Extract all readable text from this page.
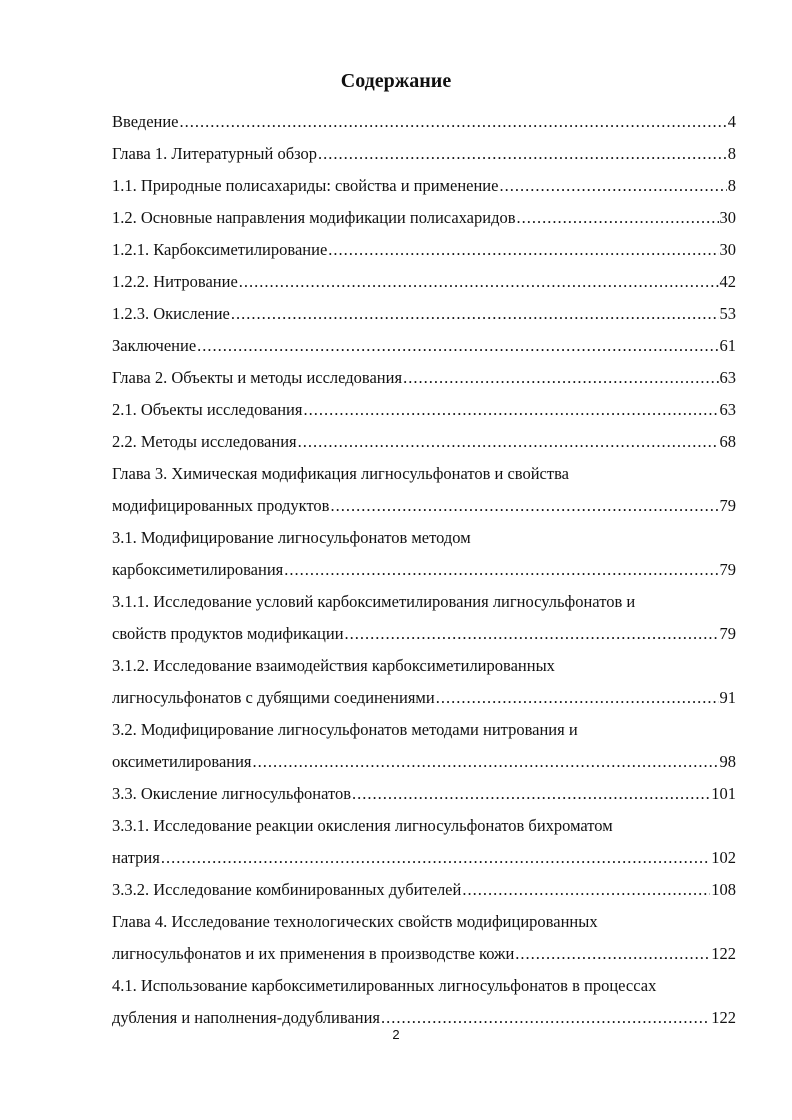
Содержание
Введение .....	4
Глава 1. Литературный обзор .....	8
1.1. Природные полисахариды: свойства и применение .....	8
1.2. Основные направления модификации полисахаридов .....	30
1.2.1. Карбоксиметилирование .....	30
1.2.2. Нитрование .....	42
1.2.3. Окисление .....	53
Заключение .....	61
Глава 2. Объекты и методы исследования .....	63
2.1. Объекты исследования .....	63
2.2. Методы исследования .....	68
Глава 3. Химическая модификация лигносульфонатов и свойства
модифицированных продуктов .....	79
3.1. Модифицирование лигносульфонатов методом
карбоксиметилирования .....	79
3.1.1. Исследование условий карбоксиметилирования лигносульфонатов и
свойств продуктов модификации .....	79
3.1.2. Исследование взаимодействия карбоксиметилированных
лигносульфонатов с дубящими соединениями .....	91
3.2. Модифицирование лигносульфонатов методами нитрования и
оксиметилирования .....	98
3.3. Окисление лигносульфонатов .....	101
3.3.1. Исследование реакции окисления лигносульфонатов бихроматом
натрия .....	102
3.3.2. Исследование комбинированных дубителей .....	108
Глава 4. Исследование технологических свойств модифицированных
лигносульфонатов и их применения в производстве кожи .....	122
4.1. Использование карбоксиметилированных лигносульфонатов в процессах
дубления и наполнения-додубливания .....	122
2
